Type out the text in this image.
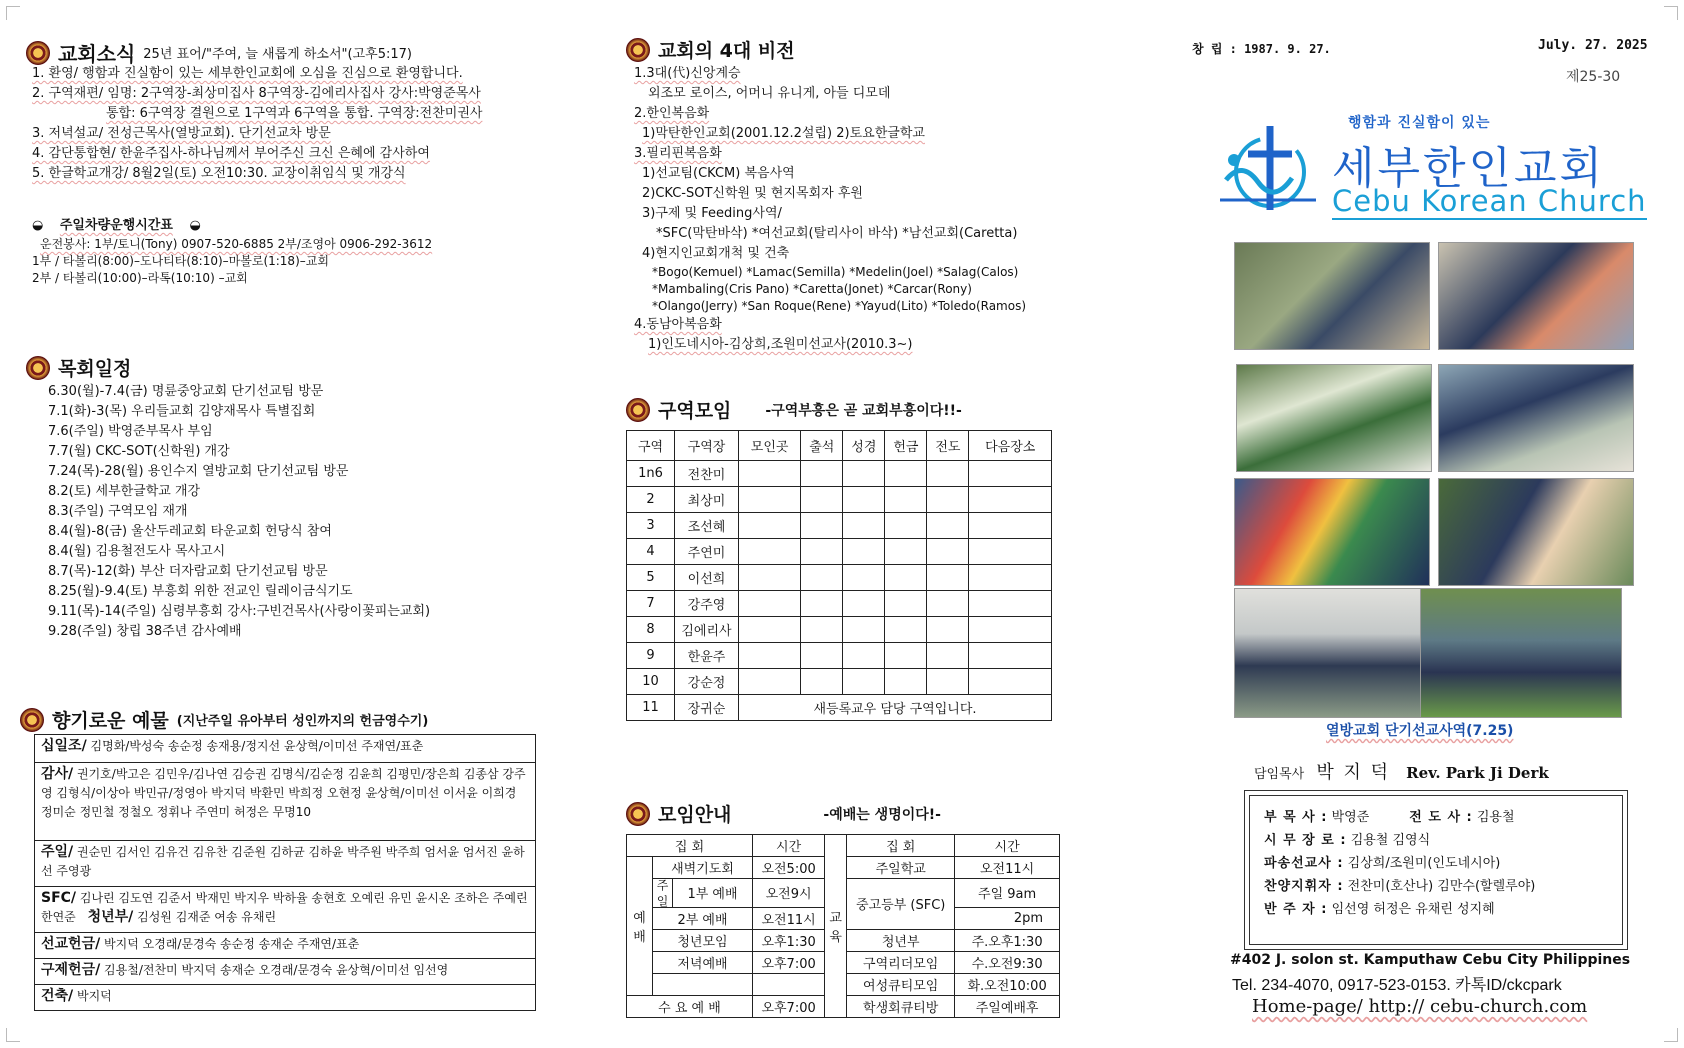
교회소식 25년 표어/"주여, 늘 새롭게 하소서"(고후5:17)
1. 환영/ 행함과 진실함이 있는 세부한인교회에 오심을 진심으로 환영합니다.
2. 구역재편/ 임명: 2구역장-최상미집사 8구역장-김에리사집사 강사:박영준목사
통합: 6구역장 결원으로 1구역과 6구역을 통합. 구역장:전찬미권사
3. 저녁설교/ 전성근목사(열방교회). 단기선교차 방문
4. 감단통합현/ 한윤주집사-하나님께서 부어주신 크신 은혜에 감사하여
5. 한글학교개강/ 8월2일(토) 오전10:30. 교장이취임식 및 개강식
◒ 주일차량운행시간표 ◒
운전봉사: 1부/토니(Tony) 0907-520-6885 2부/조영아 0906-292-3612
1부 / 타볼리(8:00)–도나티타(8:10)–마볼로(1:18)–교회
2부 / 타볼리(10:00)–라톡(10:10) –교회
목회일정
6.30(월)-7.4(금) 명륜중앙교회 단기선교팀 방문
7.1(화)-3(목) 우리들교회 김양재목사 특별집회
7.6(주일) 박영준부목사 부임
7.7(월) CKC-SOT(신학원) 개강
7.24(목)-28(월) 용인수지 열방교회 단기선교팀 방문
8.2(토) 세부한글학교 개강
8.3(주일) 구역모임 재개
8.4(월)-8(금) 울산두레교회 타운교회 헌당식 참여
8.4(월) 김용철전도사 목사고시
8.7(목)-12(화) 부산 더자람교회 단기선교팀 방문
8.25(월)-9.4(토) 부흥회 위한 전교인 릴레이금식기도
9.11(목)-14(주일) 심령부흥회 강사:구빈건목사(사랑이꽃피는교회)
9.28(주일) 창립 38주년 감사예배
향기로운 예물 (지난주일 유아부터 성인까지의 헌금영수기)
십일조/ 김명화/박성숙 송순정 송재용/정지선 윤상혁/이미선 주재연/표춘
감사/ 권기호/박고은 김민우/김나연 김승권 김명식/김순정 김윤희 김평민/장은희 김종삼 강주영 김형식/이상아 박민규/정영아 박지덕 박환민 박희정 오현정 윤상혁/이미선 이서윤 이희경 정미순 정민철 정철오 정휘나 주연미 허정은 무명10
주일/ 권순민 김서인 김유건 김유찬 김준원 김하균 김하윤 박주원 박주희 엄서윤 엄서진 윤하선 주영광
SFC/ 김나린 김도연 김준서 박재민 박지우 박하율 송현호 오예린 유민 윤시온 조하은 주예린 한연준 청년부/ 김성원 김재준 여송 유채린
선교헌금/ 박지덕 오경래/문경숙 송순정 송재순 주재연/표춘
구제헌금/ 김용철/전찬미 박지덕 송재순 오경래/문경숙 윤상혁/이미선 임선영
건축/ 박지덕
교회의 4대 비전
1.3대(代)신앙계승
외조모 로이스, 어머니 유니게, 아들 디모데
2.한인복음화
1)막탄한인교회(2001.12.2설립) 2)토요한글학교
3.필리핀복음화
1)선교팀(CKCM) 복음사역
2)CKC-SOT신학원 및 현지목회자 후원
3)구제 및 Feeding사역/
*SFC(막탄바삭) *여선교회(탈리사이 바삭) *남선교회(Caretta)
4)현지인교회개척 및 건축
*Bogo(Kemuel) *Lamac(Semilla) *Medelin(Joel) *Salag(Calos)
*Mambaling(Cris Pano) *Caretta(Jonet) *Carcar(Rony)
*Olango(Jerry) *San Roque(Rene) *Yayud(Lito) *Toledo(Ramos)
4.동남아복음화
1)인도네시아-김상희,조원미선교사(2010.3~)
구역모임 -구역부흥은 곧 교회부흥이다!!-
구역	구역장	모인곳	출석	성경	헌금	전도	다음장소
1n6	전찬미						
2	최상미						
3	조선혜						
4	주연미						
5	이선희						
7	강주영						
8	김에리사						
9	한윤주						
10	강순정						
11	장귀순	새등록교우 담당 구역입니다.					
모임안내	-예배는 생명이다!-
집 회		시간	교 육	집 회	시간
예 배	새벽기도회	오전5:00		주일학교	오전11시

주 일 1부 예배	오전9시		중고등부 (SFC)	주일 9am
	2부 예배	오전11시			2pm
	청년모임	오후1:30		청년부	주.오후1:30
	저녁예배	오후7:00		구역리더모임	수.오전9:30
				여성큐티모임	화.오전10:00
수 요 예 배		오후7:00		학생회큐티방	주일예배후
창 립 : 1987. 9. 27.	July. 27. 2025
제25-30
행함과 진실함이 있는
세부한인교회
Cebu Korean Church
열방교회 단기선교사역(7.25)
담임목사 박 지 덕 Rev. Park Ji Derk
부 목 사 : 박영준	전 도 사 : 김용철
시 무 장 로 : 김용철 김영식
파송선교사 : 김상희/조원미(인도네시아)
찬양지휘자 : 전찬미(호산나) 김만수(할렐루야)
반 주 자 : 임선영 허정은 유채린 성지혜
#402 J. solon st. Kamputhaw Cebu City Philippines
Tel. 234-4070, 0917-523-0153. 카톡ID/ckcpark
Home-page/ http:// cebu-church.com
